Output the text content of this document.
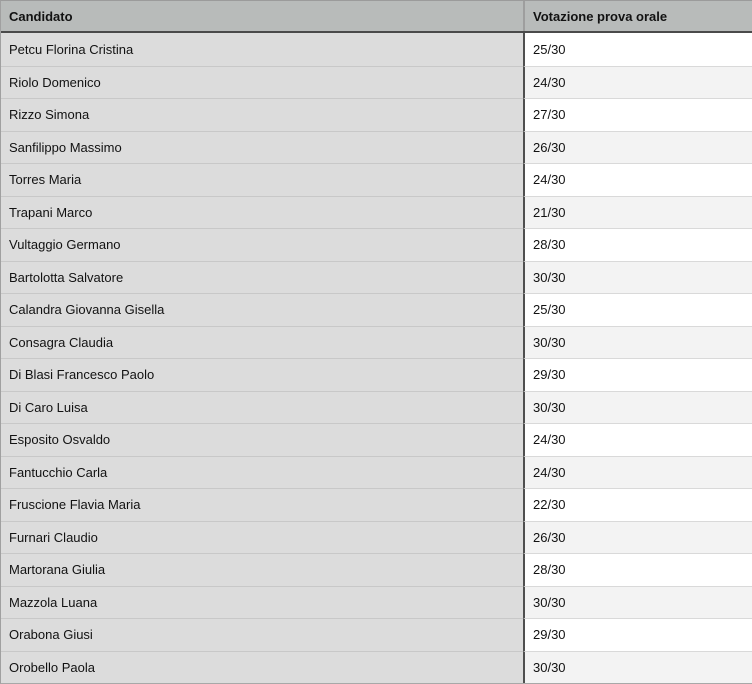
Candidato	Votazione prova orale
Petcu Florina Cristina	25/30
Riolo Domenico	24/30
Rizzo Simona	27/30
Sanfilippo Massimo	26/30
Torres Maria	24/30
Trapani Marco	21/30
Vultaggio Germano	28/30
Bartolotta Salvatore	30/30
Calandra Giovanna Gisella	25/30
Consagra Claudia	30/30
Di Blasi Francesco Paolo	29/30
Di Caro Luisa	30/30
Esposito Osvaldo	24/30
Fantucchio Carla	24/30
Fruscione Flavia Maria	22/30
Furnari Claudio	26/30
Martorana Giulia	28/30
Mazzola Luana	30/30
Orabona Giusi	29/30
Orobello Paola	30/30
